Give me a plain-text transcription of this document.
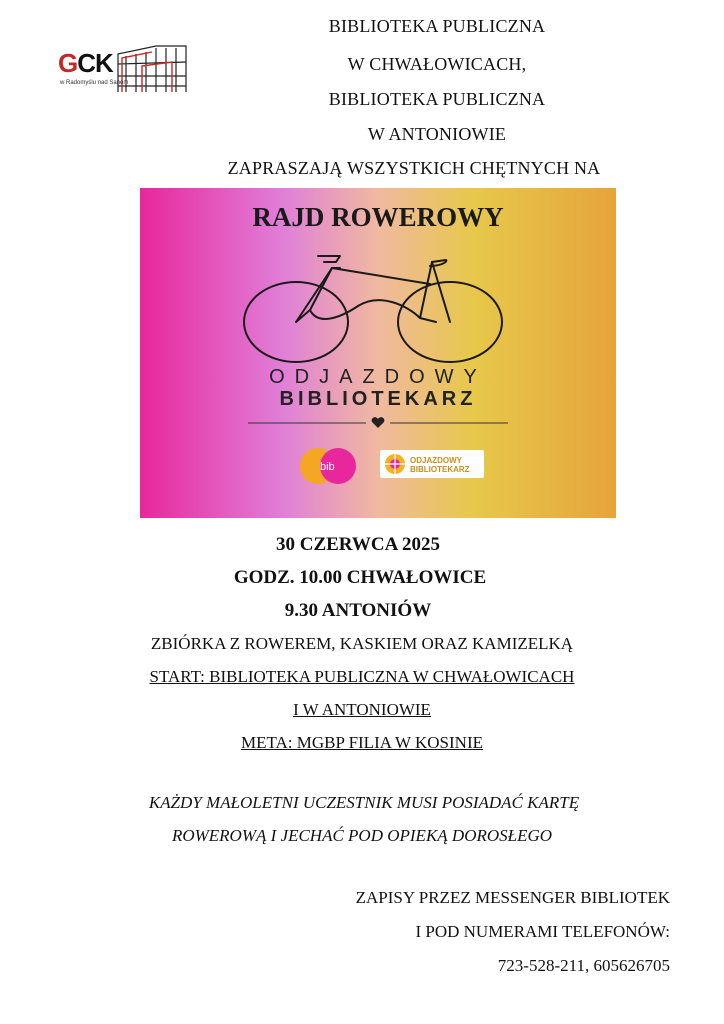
GCK
w Radomyślu nad Sanem
BIBLIOTEKA PUBLICZNA
W CHWAŁOWICACH,
BIBLIOTEKA PUBLICZNA
W ANTONIOWIE
ZAPRASZAJĄ WSZYSTKICH CHĘTNYCH NA
RAJD ROWEROWY
ODJAZDOWY
BIBLIOTEKARZ
bib
ODJAZDOWY
BIBLIOTEKARZ
30 CZERWCA 2025
GODZ. 10.00 CHWAŁOWICE
9.30 ANTONIÓW
ZBIÓRKA Z ROWEREM, KASKIEM ORAZ KAMIZELKĄ
START: BIBLIOTEKA PUBLICZNA W CHWAŁOWICACH
I W ANTONIOWIE
META: MGBP FILIA W KOSINIE
KAŻDY MAŁOLETNI UCZESTNIK MUSI POSIADAĆ KARTĘ
ROWEROWĄ I JECHAĆ POD OPIEKĄ DOROSŁEGO
ZAPISY PRZEZ MESSENGER BIBLIOTEK
I POD NUMERAMI TELEFONÓW:
723-528-211, 605626705
